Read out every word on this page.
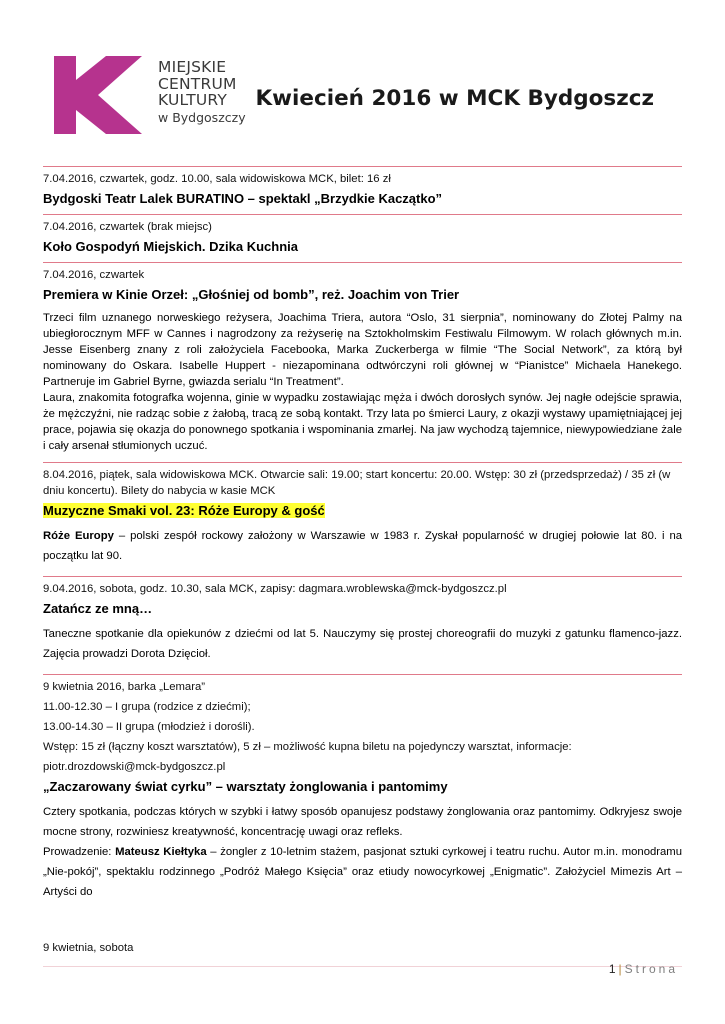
MIEJSKIE
CENTRUM
KULTURY
w Bydgoszczy
Kwiecień 2016 w MCK Bydgoszcz
7.04.2016, czwartek, godz. 10.00, sala widowiskowa MCK, bilet: 16 zł
Bydgoski Teatr Lalek BURATINO – spektakl „Brzydkie Kaczątko”
7.04.2016, czwartek (brak miejsc)
Koło Gospodyń Miejskich. Dzika Kuchnia
7.04.2016, czwartek
Premiera w Kinie Orzeł: „Głośniej od bomb”, reż. Joachim von Trier

Trzeci film uznanego norweskiego reżysera, Joachima Triera, autora “Oslo, 31 sierpnia”, nominowany do Złotej Palmy na ubiegłorocznym MFF w Cannes i nagrodzony za reżyserię na Sztokholmskim Festiwalu Filmowym. W rolach głównych m.in. Jesse Eisenberg znany z roli założyciela Facebooka, Marka Zuckerberga w filmie “The Social Network”, za którą był nominowany do Oskara. Isabelle Huppert - niezapominana odtwórczyni roli głównej w “Pianistce” Michaela Hanekego. Partneruje im Gabriel Byrne, gwiazda serialu “In Treatment”.

Laura, znakomita fotografka wojenna, ginie w wypadku zostawiając męża i dwóch dorosłych synów. Jej nagłe odejście sprawia, że mężczyźni, nie radząc sobie z żałobą, tracą ze sobą kontakt. Trzy lata po śmierci Laury, z okazji wystawy upamiętniającej jej prace, pojawia się okazja do ponownego spotkania i wspominania zmarłej. Na jaw wychodzą tajemnice, niewypowiedziane żale i cały arsenał stłumionych uczuć.

8.04.2016, piątek, sala widowiskowa MCK. Otwarcie sali: 19.00; start koncertu: 20.00. Wstęp: 30 zł (przedsprzedaż) / 35 zł (w dniu koncertu). Bilety do nabycia w kasie MCK
Muzyczne Smaki vol. 23: Róże Europy & gość

Róże Europy – polski zespół rockowy założony w Warszawie w 1983 r. Zyskał popularność w drugiej połowie lat 80. i na początku lat 90.

9.04.2016, sobota, godz. 10.30, sala MCK, zapisy: dagmara.wroblewska@mck-bydgoszcz.pl
Zatańcz ze mną…

Taneczne spotkanie dla opiekunów z dziećmi od lat 5. Nauczymy się prostej choreografii do muzyki z gatunku flamenco-jazz. Zajęcia prowadzi Dorota Dzięcioł.

9 kwietnia 2016, barka „Lemara”
11.00-12.30 – I grupa (rodzice z dziećmi);
13.00-14.30 – II grupa (młodzież i dorośli).
Wstęp: 15 zł (łączny koszt warsztatów), 5 zł – możliwość kupna biletu na pojedynczy warsztat, informacje:
piotr.drozdowski@mck-bydgoszcz.pl
„Zaczarowany świat cyrku” – warsztaty żonglowania i pantomimy

Cztery spotkania, podczas których w szybki i łatwy sposób opanujesz podstawy żonglowania oraz pantomimy. Odkryjesz swoje mocne strony, rozwiniesz kreatywność, koncentrację uwagi oraz refleks.

Prowadzenie: Mateusz Kiełtyka – żongler z 10-letnim stażem, pasjonat sztuki cyrkowej i teatru ruchu. Autor m.in. monodramu „Nie-pokój”, spektaklu rodzinnego „Podróż Małego Księcia” oraz etiudy nowocyrkowej „Enigmatic”. Założyciel Mimezis Art – Artyści do

9 kwietnia, sobota
1 | Strona
